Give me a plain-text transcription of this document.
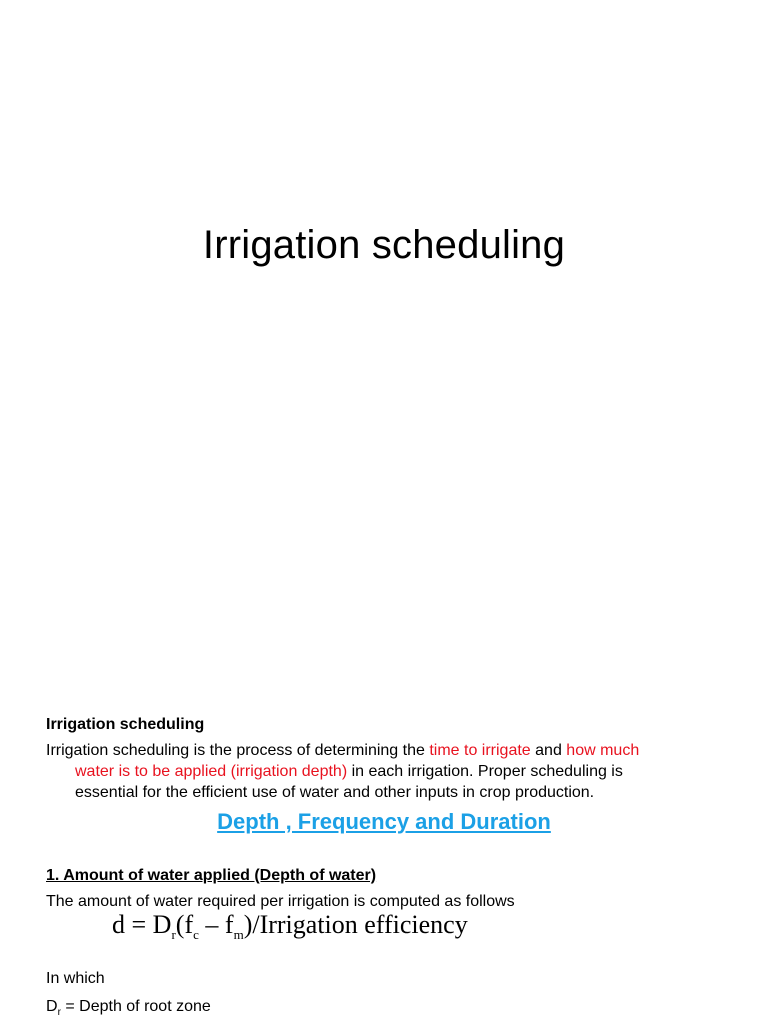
Irrigation scheduling
Irrigation scheduling
Irrigation scheduling is the process of determining the time to irrigate and how much
water is to be applied (irrigation depth) in each irrigation. Proper scheduling is
essential for the efficient use of water and other inputs in crop production.
Depth , Frequency and Duration
1. Amount of water applied (Depth of water)
The amount of water required per irrigation is computed as follows
$d = D_r(f_c$ – $f_m$)/Irrigation efficiency
In which
$D_r$ = Depth of root zone
